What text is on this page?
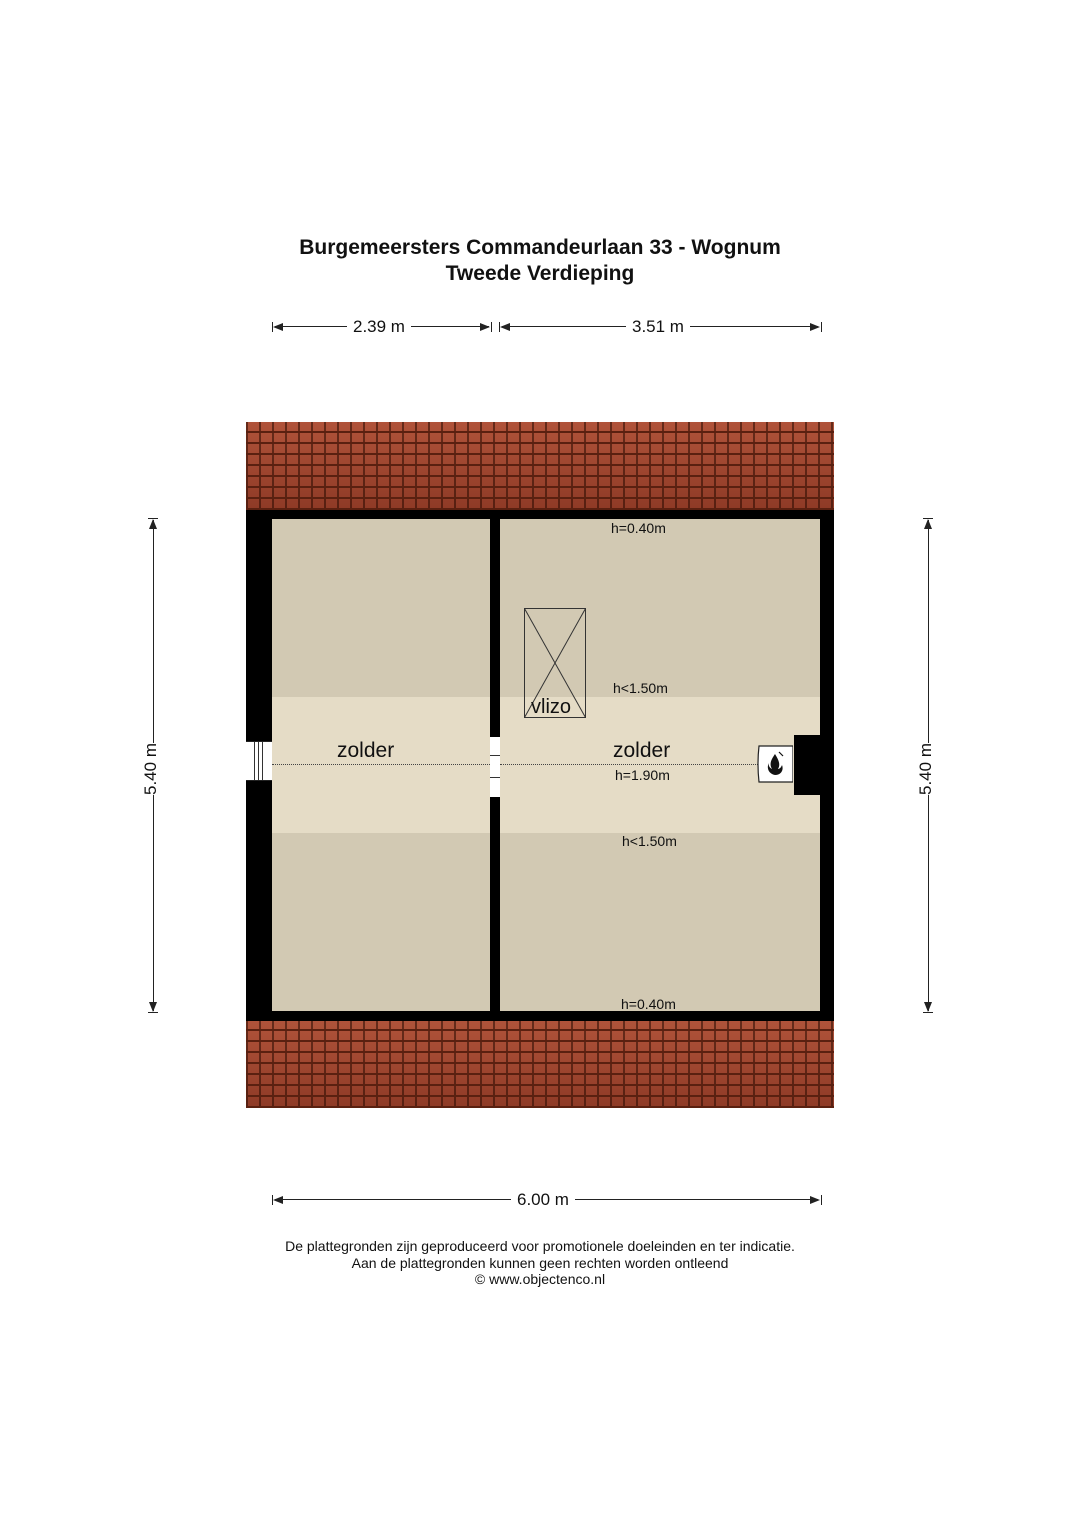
Burgemeersters Commandeurlaan 33 - Wognum
Tweede Verdieping
2.39 m	3.51 m
5.40 m	5.40 m
zolder
h=0.40m
h<1.50m
zolder
h=1.90m
h<1.50m
h=0.40m
vlizo
6.00 m
De plattegronden zijn geproduceerd voor promotionele doeleinden en ter indicatie.
Aan de plattegronden kunnen geen rechten worden ontleend
© www.objectenco.nl
